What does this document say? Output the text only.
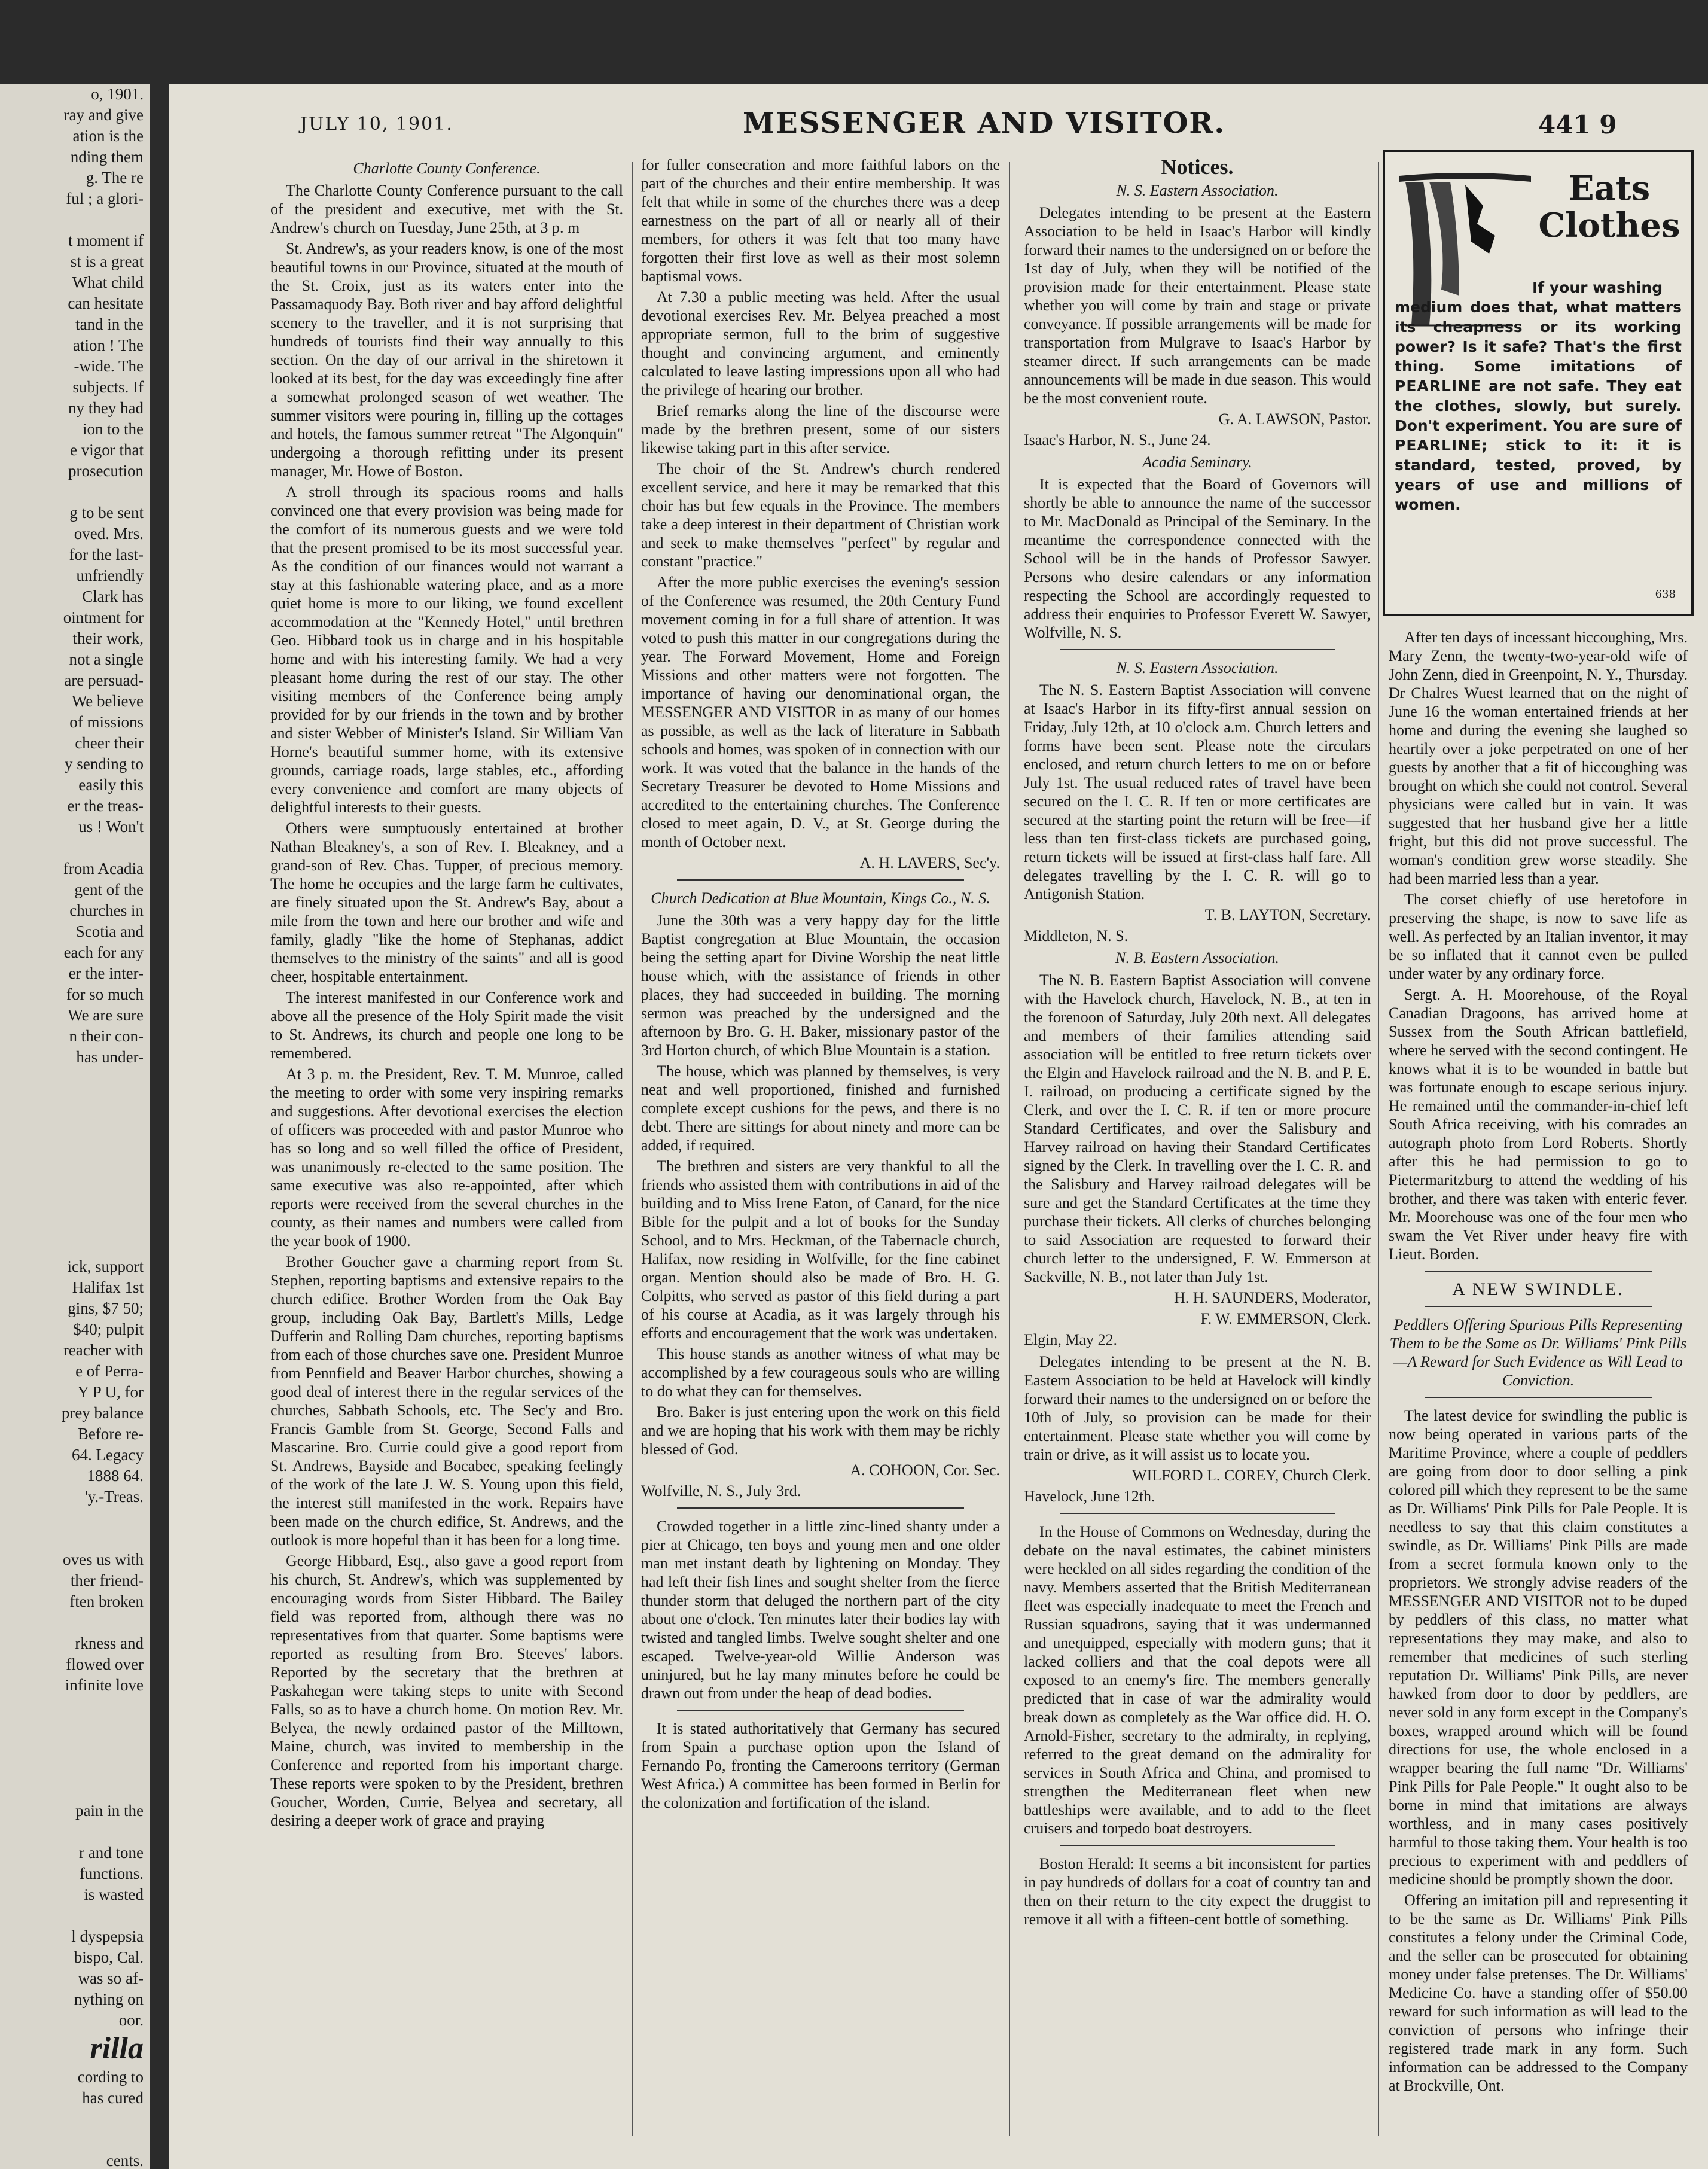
o, 1901.
ray and give
ation is the
nding them
g. The re
ful ; a glori-

t moment if
st is a great
What child
can hesitate
tand in the
ation ! The
-wide. The
subjects. If
ny they had
ion to the
e vigor that
prosecution

g to be sent
oved. Mrs.
for the last-
unfriendly
Clark has
ointment for
their work,
not a single
are persuad-
We believe
of missions
cheer their
y sending to
easily this
er the treas-
us ! Won't

from Acadia
gent of the
churches in
Scotia and
each for any
er the inter-
for so much
We are sure
n their con-
has under-

ick, support
Halifax 1st
gins, $7 50;
$40; pulpit
reacher with
e of Perra-
Y P U, for
prey balance
Before re-
64. Legacy
1888 64.
'y.-Treas.

oves us with
ther friend-
ften broken

rkness and
flowed over
infinite love

pain in the

r and tone
functions.
is wasted

l dyspepsia
bispo, Cal.
was so af-
nything on
oor.
rilla
cording to
has cured

cents.
JULY 10, 1901.	MESSENGER AND VISITOR.	441 9

Charlotte County Conference.

The Charlotte County Conference pursuant to the call of the president and executive, met with the St. Andrew's church on Tuesday, June 25th, at 3 p. m

St. Andrew's, as your readers know, is one of the most beautiful towns in our Province, situated at the mouth of the St. Croix, just as its waters enter into the Passamaquody Bay. Both river and bay afford delightful scenery to the traveller, and it is not surprising that hundreds of tourists find their way annually to this section. On the day of our arrival in the shiretown it looked at its best, for the day was exceedingly fine after a somewhat prolonged season of wet weather. The summer visitors were pouring in, filling up the cottages and hotels, the famous summer retreat "The Algonquin" undergoing a thorough refitting under its present manager, Mr. Howe of Boston.

A stroll through its spacious rooms and halls convinced one that every provision was being made for the comfort of its numerous guests and we were told that the present promised to be its most successful year. As the condition of our finances would not warrant a stay at this fashionable watering place, and as a more quiet home is more to our liking, we found excellent accommodation at the "Kennedy Hotel," until brethren Geo. Hibbard took us in charge and in his hospitable home and with his interesting family. We had a very pleasant home during the rest of our stay. The other visiting members of the Conference being amply provided for by our friends in the town and by brother and sister Webber of Minister's Island. Sir William Van Horne's beautiful summer home, with its extensive grounds, carriage roads, large stables, etc., affording every convenience and comfort are many objects of delightful interests to their guests.

Others were sumptuously entertained at brother Nathan Bleakney's, a son of Rev. I. Bleakney, and a grand-son of Rev. Chas. Tupper, of precious memory. The home he occupies and the large farm he cultivates, are finely situated upon the St. Andrew's Bay, about a mile from the town and here our brother and wife and family, gladly "like the home of Stephanas, addict themselves to the ministry of the saints" and all is good cheer, hospitable entertainment.

The interest manifested in our Conference work and above all the presence of the Holy Spirit made the visit to St. Andrews, its church and people one long to be remembered.

At 3 p. m. the President, Rev. T. M. Munroe, called the meeting to order with some very inspiring remarks and suggestions. After devotional exercises the election of officers was proceeded with and pastor Munroe who has so long and so well filled the office of President, was unanimously re-elected to the same position. The same executive was also re-appointed, after which reports were received from the several churches in the county, as their names and numbers were called from the year book of 1900.

Brother Goucher gave a charming report from St. Stephen, reporting baptisms and extensive repairs to the church edifice. Brother Worden from the Oak Bay group, including Oak Bay, Bartlett's Mills, Ledge Dufferin and Rolling Dam churches, reporting baptisms from each of those churches save one. President Munroe from Pennfield and Beaver Harbor churches, showing a good deal of interest there in the regular services of the churches, Sabbath Schools, etc. The Sec'y and Bro. Francis Gamble from St. George, Second Falls and Mascarine. Bro. Currie could give a good report from St. Andrews, Bayside and Bocabec, speaking feelingly of the work of the late J. W. S. Young upon this field, the interest still manifested in the work. Repairs have been made on the church edifice, St. Andrews, and the outlook is more hopeful than it has been for a long time.

George Hibbard, Esq., also gave a good report from his church, St. Andrew's, which was supplemented by encouraging words from Sister Hibbard. The Bailey field was reported from, although there was no representatives from that quarter. Some baptisms were reported as resulting from Bro. Steeves' labors. Reported by the secretary that the brethren at Paskahegan were taking steps to unite with Second Falls, so as to have a church home. On motion Rev. Mr. Belyea, the newly ordained pastor of the Milltown, Maine, church, was invited to membership in the Conference and reported from his important charge. These reports were spoken to by the President, brethren Goucher, Worden, Currie, Belyea and secretary, all desiring a deeper work of grace and praying

for fuller consecration and more faithful labors on the part of the churches and their entire membership. It was felt that while in some of the churches there was a deep earnestness on the part of all or nearly all of their members, for others it was felt that too many have forgotten their first love as well as their most solemn baptismal vows.

At 7.30 a public meeting was held. After the usual devotional exercises Rev. Mr. Belyea preached a most appropriate sermon, full to the brim of suggestive thought and convincing argument, and eminently calculated to leave lasting impressions upon all who had the privilege of hearing our brother.

Brief remarks along the line of the discourse were made by the brethren present, some of our sisters likewise taking part in this after service.

The choir of the St. Andrew's church rendered excellent service, and here it may be remarked that this choir has but few equals in the Province. The members take a deep interest in their department of Christian work and seek to make themselves "perfect" by regular and constant "practice."

After the more public exercises the evening's session of the Conference was resumed, the 20th Century Fund movement coming in for a full share of attention. It was voted to push this matter in our congregations during the year. The Forward Movement, Home and Foreign Missions and other matters were not forgotten. The importance of having our denominational organ, the MESSENGER AND VISITOR in as many of our homes as possible, as well as the lack of literature in Sabbath schools and homes, was spoken of in connection with our work. It was voted that the balance in the hands of the Secretary Treasurer be devoted to Home Missions and accredited to the entertaining churches. The Conference closed to meet again, D. V., at St. George during the month of October next.

A. H. LAVERS, Sec'y.

Church Dedication at Blue Mountain, Kings Co., N. S.

June the 30th was a very happy day for the little Baptist congregation at Blue Mountain, the occasion being the setting apart for Divine Worship the neat little house which, with the assistance of friends in other places, they had succeeded in building. The morning sermon was preached by the undersigned and the afternoon by Bro. G. H. Baker, missionary pastor of the 3rd Horton church, of which Blue Mountain is a station.

The house, which was planned by themselves, is very neat and well proportioned, finished and furnished complete except cushions for the pews, and there is no debt. There are sittings for about ninety and more can be added, if required.

The brethren and sisters are very thankful to all the friends who assisted them with contributions in aid of the building and to Miss Irene Eaton, of Canard, for the nice Bible for the pulpit and a lot of books for the Sunday School, and to Mrs. Heckman, of the Tabernacle church, Halifax, now residing in Wolfville, for the fine cabinet organ. Mention should also be made of Bro. H. G. Colpitts, who served as pastor of this field during a part of his course at Acadia, as it was largely through his efforts and encouragement that the work was undertaken.

This house stands as another witness of what may be accomplished by a few courageous souls who are willing to do what they can for themselves.

Bro. Baker is just entering upon the work on this field and we are hoping that his work with them may be richly blessed of God.

A. COHOON, Cor. Sec.

Wolfville, N. S., July 3rd.

Crowded together in a little zinc-lined shanty under a pier at Chicago, ten boys and young men and one older man met instant death by lightening on Monday. They had left their fish lines and sought shelter from the fierce thunder storm that deluged the northern part of the city about one o'clock. Ten minutes later their bodies lay with twisted and tangled limbs. Twelve sought shelter and one escaped. Twelve-year-old Willie Anderson was uninjured, but he lay many minutes before he could be drawn out from under the heap of dead bodies.

It is stated authoritatively that Germany has secured from Spain a purchase option upon the Island of Fernando Po, fronting the Cameroons territory (German West Africa.) A committee has been formed in Berlin for the colonization and fortification of the island.

Notices.

N. S. Eastern Association.

Delegates intending to be present at the Eastern Association to be held in Isaac's Harbor will kindly forward their names to the undersigned on or before the 1st day of July, when they will be notified of the provision made for their entertainment. Please state whether you will come by train and stage or private conveyance. If possible arrangements will be made for transportation from Mulgrave to Isaac's Harbor by steamer direct. If such arrangements can be made announcements will be made in due season. This would be the most convenient route.

G. A. LAWSON, Pastor.

Isaac's Harbor, N. S., June 24.

Acadia Seminary.

It is expected that the Board of Governors will shortly be able to announce the name of the successor to Mr. MacDonald as Principal of the Seminary. In the meantime the correspondence connected with the School will be in the hands of Professor Sawyer. Persons who desire calendars or any information respecting the School are accordingly requested to address their enquiries to Professor Everett W. Sawyer, Wolfville, N. S.

N. S. Eastern Association.

The N. S. Eastern Baptist Association will convene at Isaac's Harbor in its fifty-first annual session on Friday, July 12th, at 10 o'clock a.m. Church letters and forms have been sent. Please note the circulars enclosed, and return church letters to me on or before July 1st. The usual reduced rates of travel have been secured on the I. C. R. If ten or more certificates are secured at the starting point the return will be free—if less than ten first-class tickets are purchased going, return tickets will be issued at first-class half fare. All delegates travelling by the I. C. R. will go to Antigonish Station.

T. B. LAYTON, Secretary.

Middleton, N. S.

N. B. Eastern Association.

The N. B. Eastern Baptist Association will convene with the Havelock church, Havelock, N. B., at ten in the forenoon of Saturday, July 20th next. All delegates and members of their families attending said association will be entitled to free return tickets over the Elgin and Havelock railroad and the N. B. and P. E. I. railroad, on producing a certificate signed by the Clerk, and over the I. C. R. if ten or more procure Standard Certificates, and over the Salisbury and Harvey railroad on having their Standard Certificates signed by the Clerk. In travelling over the I. C. R. and the Salisbury and Harvey railroad delegates will be sure and get the Standard Certificates at the time they purchase their tickets. All clerks of churches belonging to said Association are requested to forward their church letter to the undersigned, F. W. Emmerson at Sackville, N. B., not later than July 1st.

H. H. SAUNDERS, Moderator,

F. W. EMMERSON, Clerk.

Elgin, May 22.

Delegates intending to be present at the N. B. Eastern Association to be held at Havelock will kindly forward their names to the undersigned on or before the 10th of July, so provision can be made for their entertainment. Please state whether you will come by train or drive, as it will assist us to locate you.

WILFORD L. COREY, Church Clerk.

Havelock, June 12th.

In the House of Commons on Wednesday, during the debate on the naval estimates, the cabinet ministers were heckled on all sides regarding the condition of the navy. Members asserted that the British Mediterranean fleet was especially inadequate to meet the French and Russian squadrons, saying that it was undermanned and unequipped, especially with modern guns; that it lacked colliers and that the coal depots were all exposed to an enemy's fire. The members generally predicted that in case of war the admirality would break down as completely as the War office did. H. O. Arnold-Fisher, secretary to the admiralty, in replying, referred to the great demand on the admirality for services in South Africa and China, and promised to strengthen the Mediterranean fleet when new battleships were available, and to add to the fleet cruisers and torpedo boat destroyers.

Boston Herald: It seems a bit inconsistent for parties in pay hundreds of dollars for a coat of country tan and then on their return to the city expect the druggist to remove it all with a fifteen-cent bottle of something.

Eats
Clothes
If your washing
medium does that, what matters its cheapness or its working power? Is it safe? That's the first thing. Some imitations of PEARLINE are not safe. They eat the clothes, slowly, but surely. Don't experiment. You are sure of PEARLINE; stick to it: it is standard, tested, proved, by years of use and millions of women.
638

After ten days of incessant hiccoughing, Mrs. Mary Zenn, the twenty-two-year-old wife of John Zenn, died in Greenpoint, N. Y., Thursday. Dr Chalres Wuest learned that on the night of June 16 the woman entertained friends at her home and during the evening she laughed so heartily over a joke perpetrated on one of her guests by another that a fit of hiccoughing was brought on which she could not control. Several physicians were called but in vain. It was suggested that her husband give her a little fright, but this did not prove successful. The woman's condition grew worse steadily. She had been married less than a year.

The corset chiefly of use heretofore in preserving the shape, is now to save life as well. As perfected by an Italian inventor, it may be so inflated that it cannot even be pulled under water by any ordinary force.

Sergt. A. H. Moorehouse, of the Royal Canadian Dragoons, has arrived home at Sussex from the South African battlefield, where he served with the second contingent. He knows what it is to be wounded in battle but was fortunate enough to escape serious injury. He remained until the commander-in-chief left South Africa receiving, with his comrades an autograph photo from Lord Roberts. Shortly after this he had permission to go to Pietermaritzburg to attend the wedding of his brother, and there was taken with enteric fever. Mr. Moorehouse was one of the four men who swam the Vet River under heavy fire with Lieut. Borden.

A NEW SWINDLE.

Peddlers Offering Spurious Pills Representing Them to be the Same as Dr. Williams' Pink Pills—A Reward for Such Evidence as Will Lead to Conviction.

The latest device for swindling the public is now being operated in various parts of the Maritime Province, where a couple of peddlers are going from door to door selling a pink colored pill which they represent to be the same as Dr. Williams' Pink Pills for Pale People. It is needless to say that this claim constitutes a swindle, as Dr. Williams' Pink Pills are made from a secret formula known only to the proprietors. We strongly advise readers of the MESSENGER AND VISITOR not to be duped by peddlers of this class, no matter what representations they may make, and also to remember that medicines of such sterling reputation Dr. Williams' Pink Pills, are never hawked from door to door by peddlers, are never sold in any form except in the Company's boxes, wrapped around which will be found directions for use, the whole enclosed in a wrapper bearing the full name "Dr. Williams' Pink Pills for Pale People." It ought also to be borne in mind that imitations are always worthless, and in many cases positively harmful to those taking them. Your health is too precious to experiment with and peddlers of medicine should be promptly shown the door.

Offering an imitation pill and representing it to be the same as Dr. Williams' Pink Pills constitutes a felony under the Criminal Code, and the seller can be prosecuted for obtaining money under false pretenses. The Dr. Williams' Medicine Co. have a standing offer of $50.00 reward for such information as will lead to the conviction of persons who infringe their registered trade mark in any form. Such information can be addressed to the Company at Brockville, Ont.
